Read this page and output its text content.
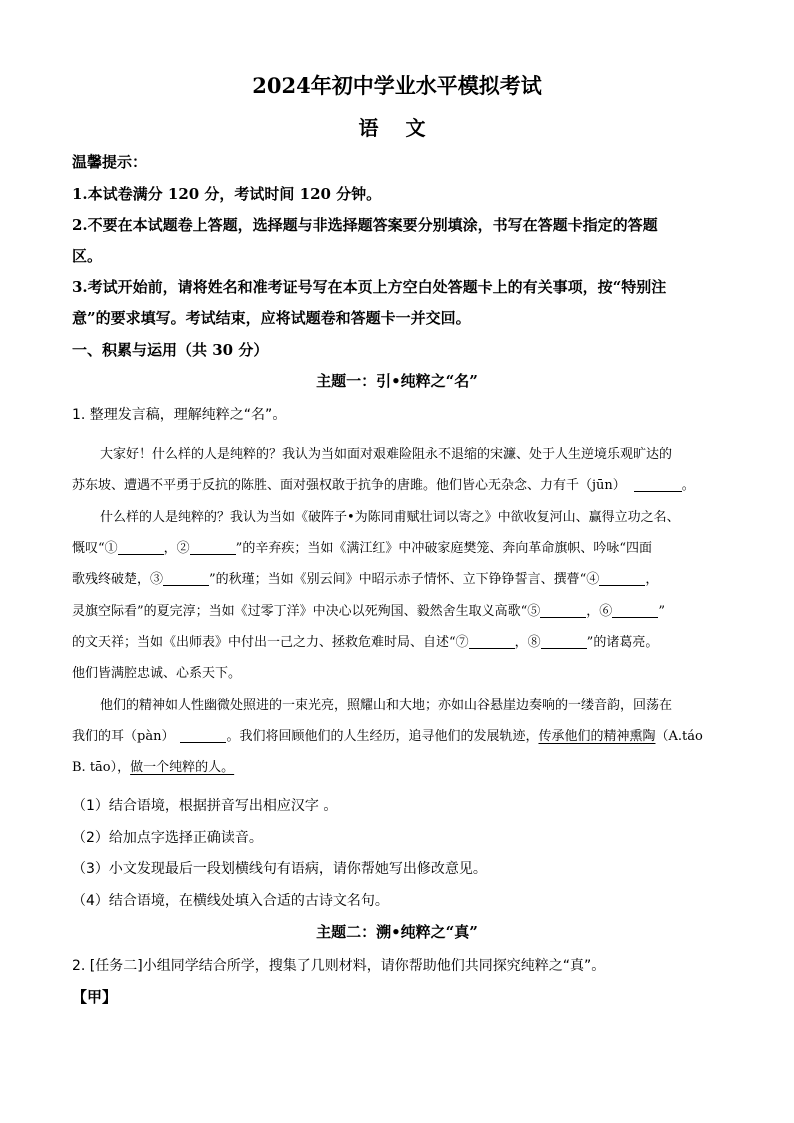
2024年初中学业水平模拟考试
语 文
温馨提示：
1.本试卷满分 120 分，考试时间 120 分钟。
2.不要在本试题卷上答题，选择题与非选择题答案要分别填涂，书写在答题卡指定的答题
区。
3.考试开始前，请将姓名和准考证号写在本页上方空白处答题卡上的有关事项，按“特别注
意”的要求填写。考试结束，应将试题卷和答题卡一并交回。
一、积累与运用（共 30 分）
主题一：引•纯粹之“名”
1. 整理发言稿，理解纯粹之“名”。
大家好！什么样的人是纯粹的？我认为当如面对艰难险阻永不退缩的宋濂、处于人生逆境乐观旷达的
苏东坡、遭遇不平勇于反抗的陈胜、面对强权敢于抗争的唐雎。他们皆心无杂念、力有千（jūn）	。
什么样的人是纯粹的？我认为当如《破阵子•为陈同甫赋壮词以寄之》中欲收复河山、赢得立功之名、
慨叹“①	，②	”的辛弃疾；当如《满江红》中冲破家庭樊笼、奔向革命旗帜、吟咏“四面
歌残终破楚，③	”的秋瑾；当如《别云间》中昭示赤子情怀、立下铮铮誓言、撰瞢“④	，
灵旗空际看”的夏完淳；当如《过零丁洋》中决心以死殉国、毅然舍生取义高歌“⑤	，⑥	”
的文天祥；当如《出师表》中付出一己之力、拯救危难时局、自述“⑦	，⑧	”的诸葛亮。
他们皆满腔忠诚、心系天下。
他们的精神如人性幽微处照进的一束光亮，照耀山和大地；亦如山谷悬崖边奏响的一缕音韵，回荡在
我们的耳（pàn）	。我们将回顾他们的人生经历，追寻他们的发展轨迹，传承他们的精神熏陶（A.táo
B. tāo），做一个纯粹的人。
（1）结合语境，根据拼音写出相应汉字 。
（2）给加点字选择正确读音。
（3）小文发现最后一段划横线句有语病，请你帮她写出修改意见。
（4）结合语境，在横线处填入合适的古诗文名句。
主题二：溯•纯粹之“真”
2. [任务二]小组同学结合所学，搜集了几则材料，请你帮助他们共同探究纯粹之“真”。
【甲】
